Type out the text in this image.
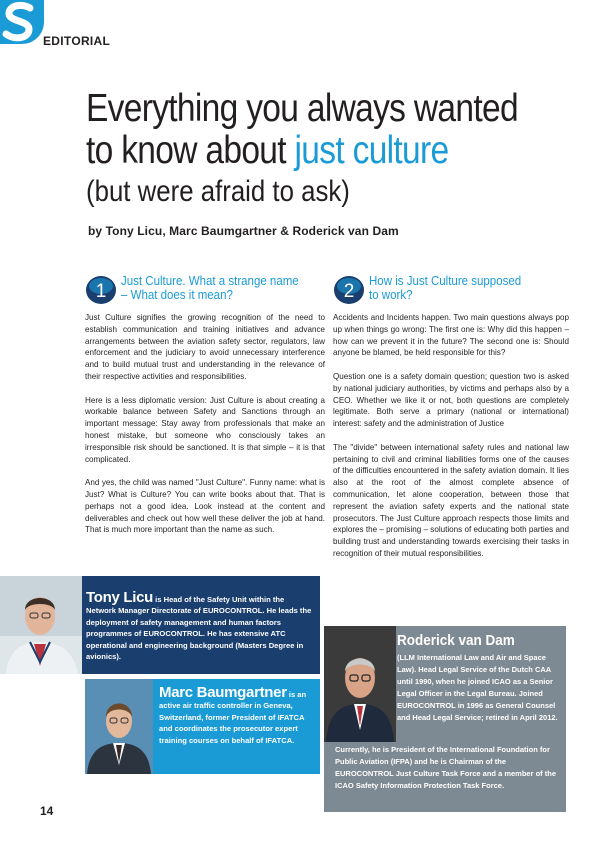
EDITORIAL
Everything you always wanted
to know about just culture
(but were afraid to ask)
by Tony Licu, Marc Baumgartner & Roderick van Dam
1 Just Culture. What a strange name
– What does it mean?

Just Culture signifies the growing recognition of the need to establish communication and training initiatives and advance arrangements between the aviation safety sector, regulators, law enforcement and the judiciary to avoid unnecessary interference and to build mutual trust and understanding in the relevance of their respective activities and responsibilities.

Here is a less diplomatic version: Just Culture is about creating a workable balance between Safety and Sanctions through an important message: Stay away from professionals that make an honest mistake, but someone who consciously takes an irresponsible risk should be sanctioned. It is that simple – it is that complicated.

And yes, the child was named "Just Culture". Funny name: what is Just? What is Culture? You can write books about that. That is perhaps not a good idea. Look instead at the content and deliverables and check out how well these deliver the job at hand. That is much more important than the name as such.

2 How is Just Culture supposed
to work?

Accidents and Incidents happen. Two main questions always pop up when things go wrong: The first one is: Why did this happen – how can we prevent it in the future? The second one is: Should anyone be blamed, be held responsible for this?

Question one is a safety domain question; question two is asked by national judiciary authorities, by victims and perhaps also by a CEO. Whether we like it or not, both questions are completely legitimate. Both serve a primary (national or international) interest: safety and the administration of Justice

The "divide" between international safety rules and national law pertaining to civil and criminal liabilities forms one of the causes of the difficulties encountered in the safety aviation domain. It lies also at the root of the almost complete absence of communication, let alone cooperation, between those that represent the aviation safety experts and the national state prosecutors. The Just Culture approach respects those limits and explores the – promising – solutions of educating both parties and building trust and understanding towards exercising their tasks in recognition of their mutual responsibilities.

Tony Licu is Head of the Safety Unit within the Network Manager Directorate of EUROCONTROL. He leads the deployment of safety management and human factors programmes of EUROCONTROL. He has extensive ATC operational and engineering background (Masters Degree in avionics).
Marc Baumgartner is an active air traffic controller in Geneva, Switzerland, former President of IFATCA and coordinates the prosecutor expert training courses on behalf of IFATCA.
Roderick van Dam
(LLM International Law and Air and Space Law). Head Legal Service of the Dutch CAA until 1990, when he joined ICAO as a Senior Legal Officer in the Legal Bureau. Joined EUROCONTROL in 1996 as General Counsel and Head Legal Service; retired in April 2012.
Currently, he is President of the International Foundation for Public Aviation (IFPA) and he is Chairman of the EUROCONTROL Just Culture Task Force and a member of the ICAO Safety Information Protection Task Force.
14
